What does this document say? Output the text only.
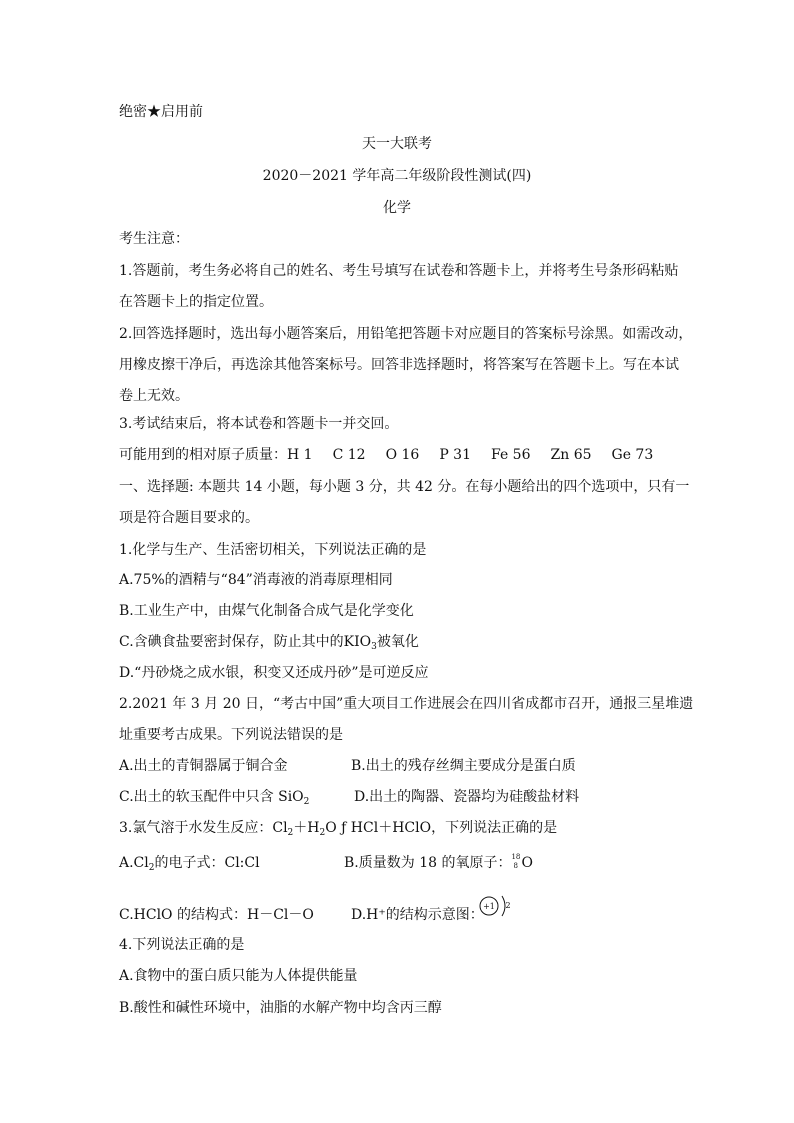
绝密★启用前
天一大联考
2020－2021 学年高二年级阶段性测试(四)
化学
考生注意：
1.答题前，考生务必将自己的姓名、考生号填写在试卷和答题卡上，并将考生号条形码粘贴
在答题卡上的指定位置。
2.回答选择题时，选出每小题答案后，用铅笔把答题卡对应题目的答案标号涂黑。如需改动，
用橡皮擦干净后，再选涂其他答案标号。回答非选择题时，将答案写在答题卡上。写在本试
卷上无效。
3.考试结束后，将本试卷和答题卡一并交回。
可能用到的相对原子质量：H 1 C 12 O 16 P 31 Fe 56 Zn 65 Ge 73
一、选择题: 本题共 14 小题，每小题 3 分，共 42 分。在每小题给出的四个选项中，只有一
项是符合题目要求的。
1.化学与生产、生活密切相关，下列说法正确的是
A.75%的酒精与“84”消毒液的消毒原理相同
B.工业生产中，由煤气化制备合成气是化学变化
C.含碘食盐要密封保存，防止其中的$KIO_3$被氧化
D.“丹砂烧之成水银，积变又还成丹砂”是可逆反应
2.2021 年 3 月 20 日，“考古中国”重大项目工作进展会在四川省成都市召开，通报三星堆遗
址重要考古成果。下列说法错误的是
A.出土的青铜器属于铜合金	B.出土的残存丝绸主要成分是蛋白质
C.出土的软玉配件中只含 SiO$_2$	D.出土的陶器、瓷器均为硅酸盐材料
3.氯气溶于水发生反应：$Cl_2+H_2O$ ƒ HCl＋HClO，下列说法正确的是
$A.Cl_2$的电子式：Cl:Cl	B.质量数为 18 的氧原子： 18
8 O
C.HClO 的结构式：H－Cl－O	D.H⁺的结构示意图：
+1 2
4.下列说法正确的是
A.食物中的蛋白质只能为人体提供能量
B.酸性和碱性环境中，油脂的水解产物中均含丙三醇
